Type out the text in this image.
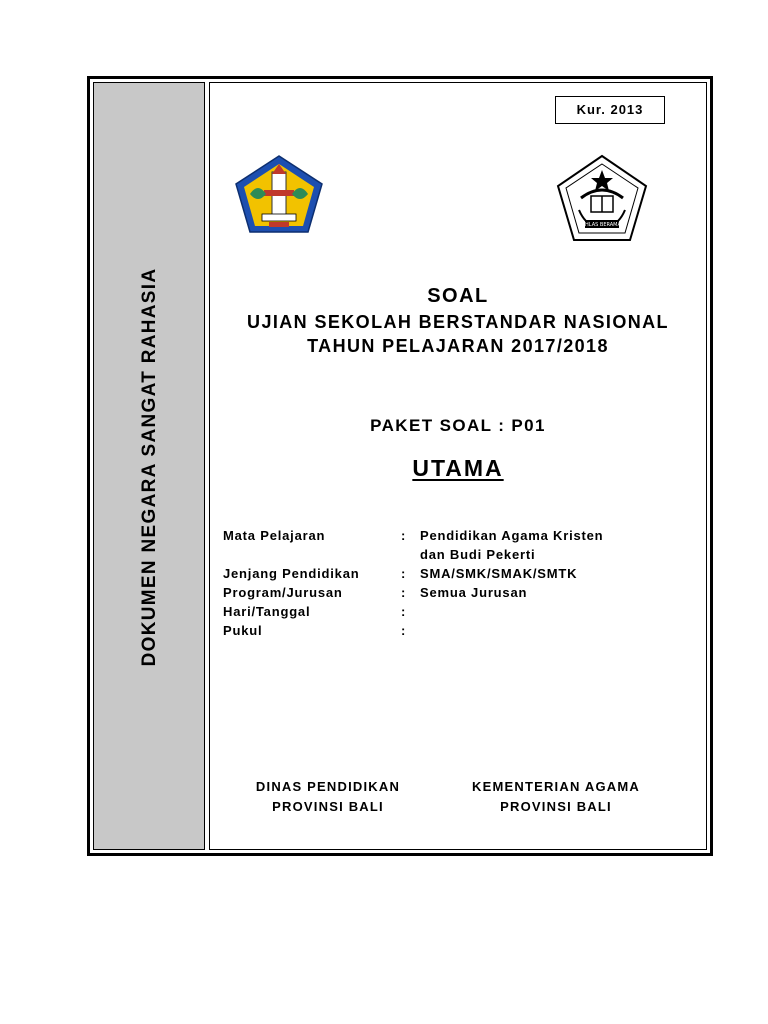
DOKUMEN NEGARA SANGAT RAHASIA
Kur. 2013
IKHLAS BERAMAL
SOAL
UJIAN SEKOLAH BERSTANDAR NASIONAL
TAHUN PELAJARAN 2017/2018
PAKET SOAL : P01
UTAMA
Mata Pelajaran	: Pendidikan Agama Kristen
dan Budi Pekerti
Jenjang Pendidikan	: SMA/SMK/SMAK/SMTK
Program/Jurusan	: Semua Jurusan
Hari/Tanggal	:
Pukul	:
DINAS PENDIDIKAN
PROVINSI BALI
KEMENTERIAN AGAMA
PROVINSI BALI
